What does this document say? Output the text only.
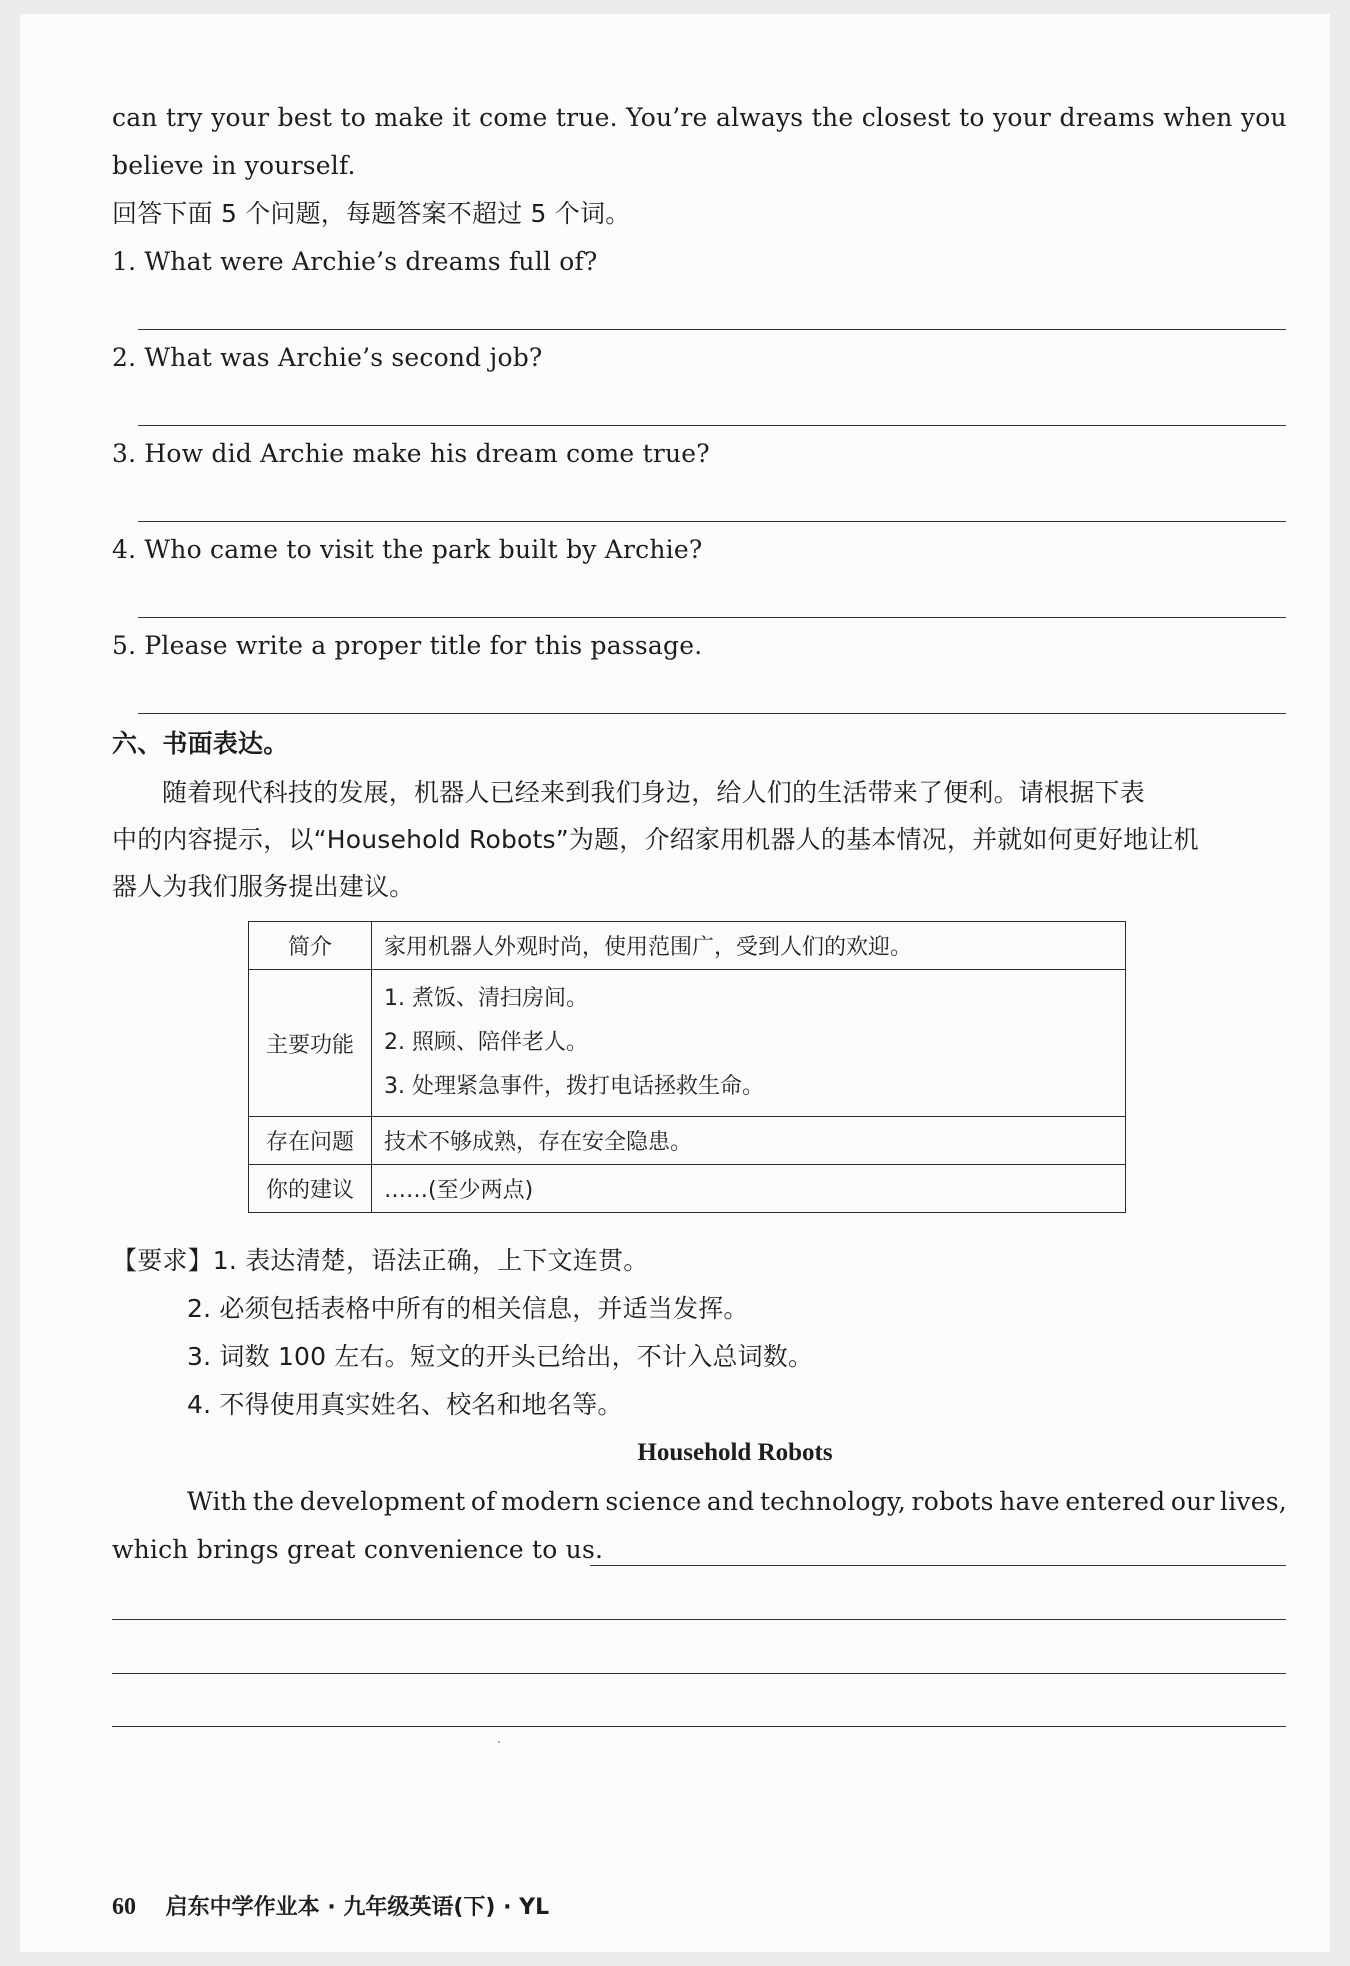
can try your best to make it come true. You’re always the closest to your dreams when you
believe in yourself.
回答下面 5 个问题，每题答案不超过 5 个词。
1. What were Archie’s dreams full of?
2. What was Archie’s second job?
3. How did Archie make his dream come true?
4. Who came to visit the park built by Archie?
5. Please write a proper title for this passage.
六、书面表达。
随着现代科技的发展，机器人已经来到我们身边，给人们的生活带来了便利。请根据下表
中的内容提示，以“Household Robots”为题，介绍家用机器人的基本情况，并就如何更好地让机
器人为我们服务提出建议。
简介	家用机器人外观时尚，使用范围广，受到人们的欢迎。
主要功能	1. 煮饭、清扫房间。
2. 照顾、陪伴老人。
3. 处理紧急事件，拨打电话拯救生命。

存在问题	技术不够成熟，存在安全隐患。
你的建议	……(至少两点)
【要求】1. 表达清楚，语法正确，上下文连贯。
2. 必须包括表格中所有的相关信息，并适当发挥。
3. 词数 100 左右。短文的开头已给出，不计入总词数。
4. 不得使用真实姓名、校名和地名等。
Household Robots
With the development of modern science and technology, robots have entered our lives,
which brings great convenience to us.
60 启东中学作业本 · 九年级英语(下) · YL
